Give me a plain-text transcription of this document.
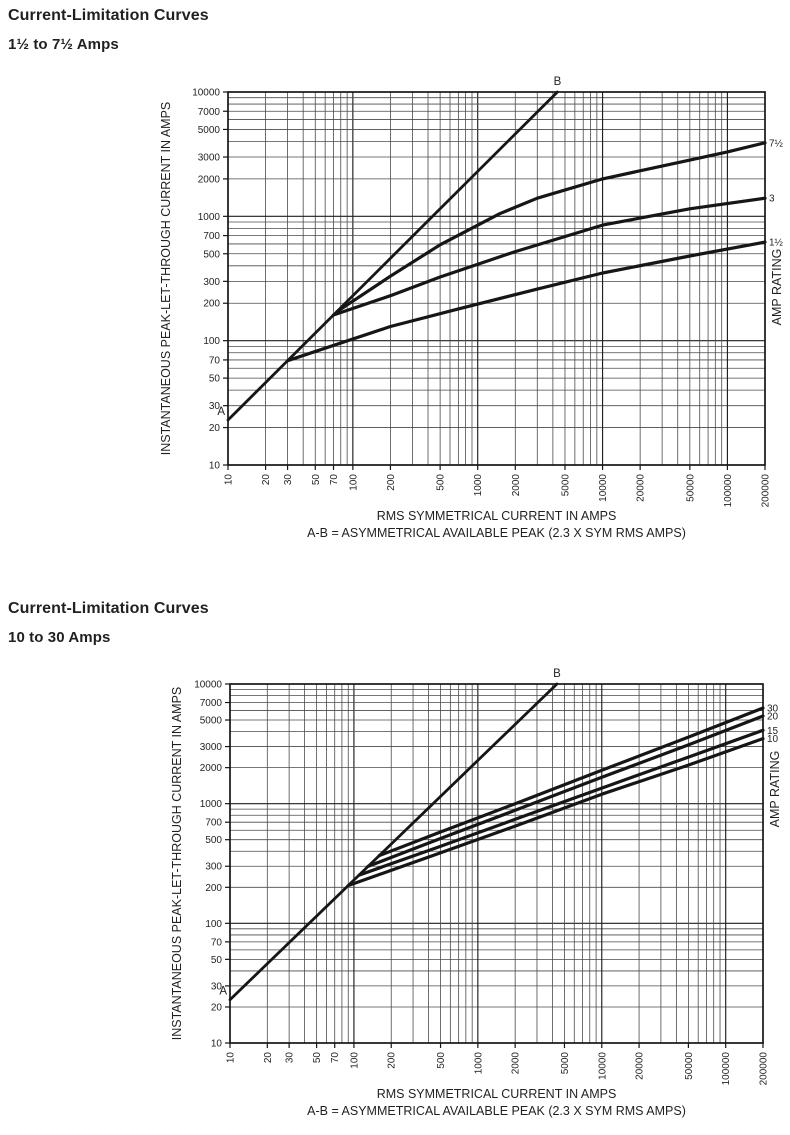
Current-Limitation Curves
1½ to 7½ Amps
10000
7000
5000
3000
2000
1000
700
500
300
200
100
70
50
30
20
10
10	20 30 50 70 100	200	500	1000	2000	5000	10000	20000	50000	100000	200000
A
B
1½
3
7½
RMS SYMMETRICAL CURRENT IN AMPS
A-B = ASYMMETRICAL AVAILABLE PEAK (2.3 X SYM RMS AMPS)
INSTANTANEOUS PEAK-LET-THROUGH CURRENT IN AMPS	AMP RATING
Current-Limitation Curves
10 to 30 Amps
10000
7000
5000
3000
2000
1000
700
500
300
200
100
70
50
30
20
10
10	20 30 50 70 100	200	500	1000	2000	5000	10000	20000	50000	100000	200000
A
B
30
20
15
10
RMS SYMMETRICAL CURRENT IN AMPS
A-B = ASYMMETRICAL AVAILABLE PEAK (2.3 X SYM RMS AMPS)
INSTANTANEOUS PEAK-LET-THROUGH CURRENT IN AMPS	AMP RATING
